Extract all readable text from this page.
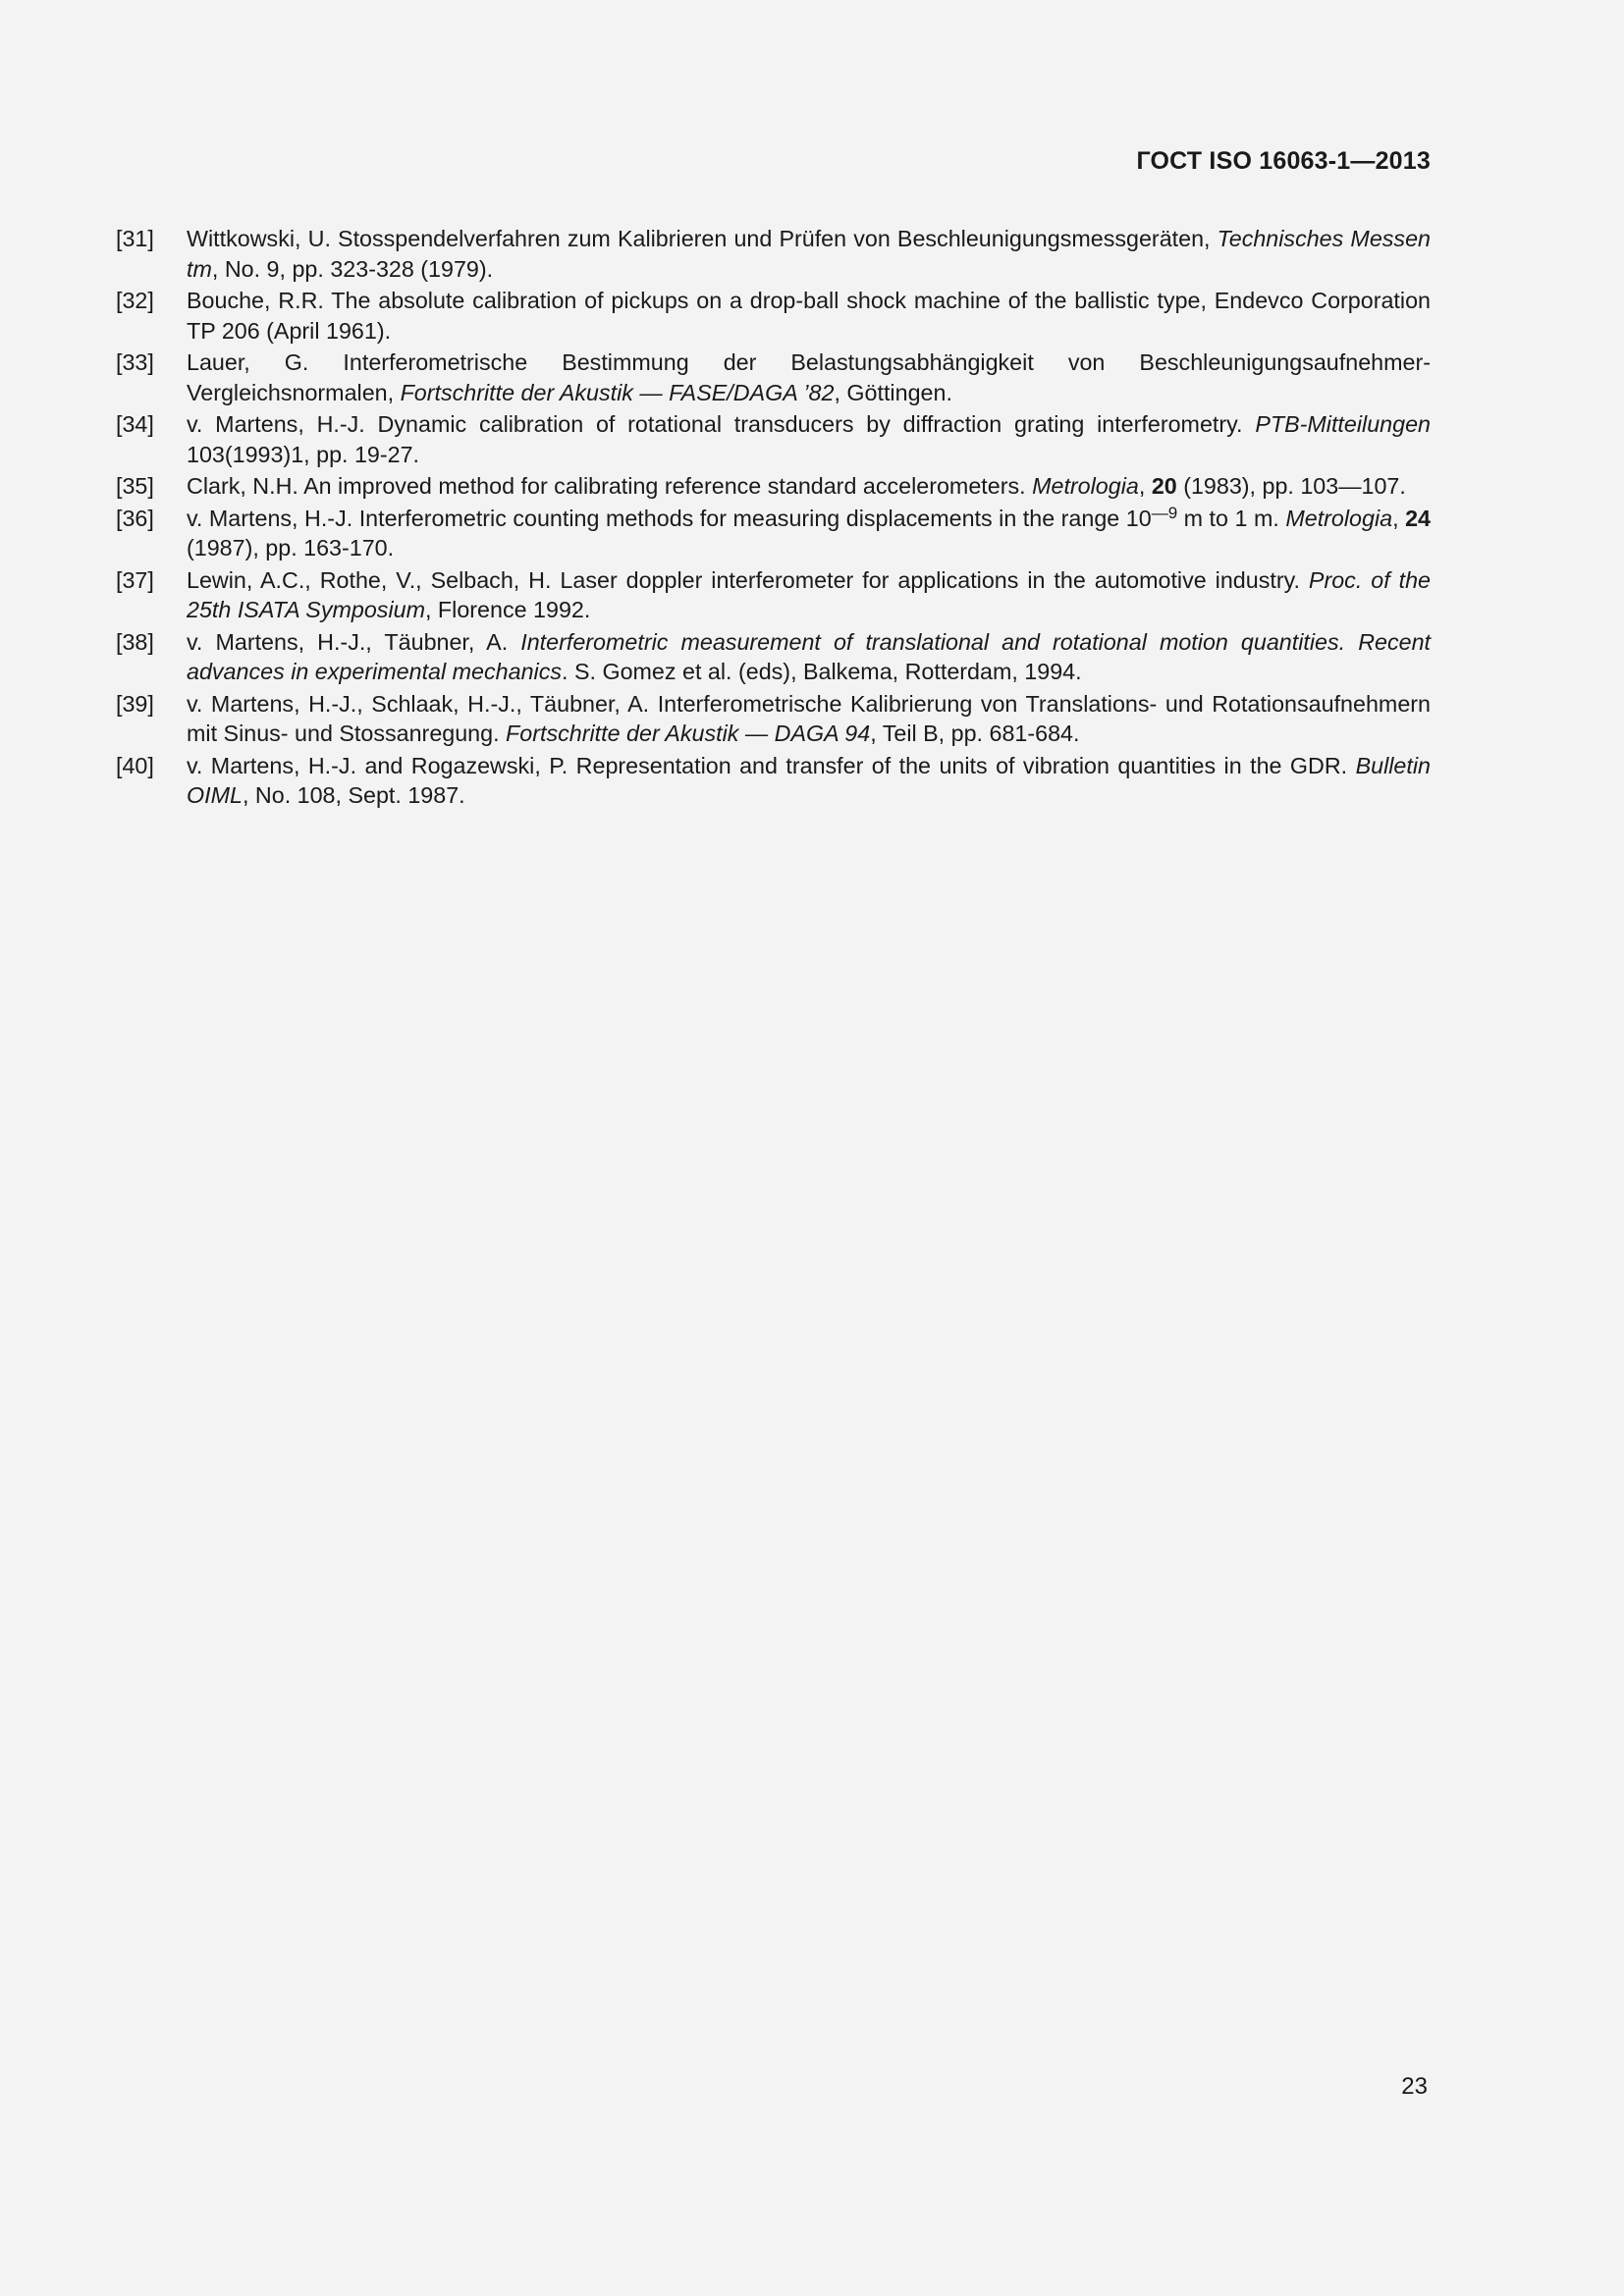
ГОСТ ISO 16063-1—2013
[31]	Wittkowski, U. Stosspendelverfahren zum Kalibrieren und Prüfen von Beschleunigungsmessgeräten, Technisches Messen tm, No. 9, pp. 323-328 (1979).
[32]	Bouche, R.R. The absolute calibration of pickups on a drop-ball shock machine of the ballistic type, Endevco Corporation TP 206 (April 1961).
[33]	Lauer, G. Interferometrische Bestimmung der Belastungsabhängigkeit von Beschleunigungsaufnehmer-Vergleichsnormalen, Fortschritte der Akustik — FASE/DAGA ’82, Göttingen.
[34]	v. Martens, H.-J. Dynamic calibration of rotational transducers by diffraction grating interferometry. PTB-Mitteilungen 103(1993)1, pp. 19-27.
[35]	Clark, N.H. An improved method for calibrating reference standard accelerometers. Metrologia, 20 (1983), pp. 103—107.
[36]	v. Martens, H.-J. Interferometric counting methods for measuring displacements in the range $10^{—9}$ m to 1 m. Metrologia, 24 (1987), pp. 163-170.
[37]	Lewin, A.C., Rothe, V., Selbach, H. Laser doppler interferometer for applications in the automotive industry. Proc. of the 25th ISATA Symposium, Florence 1992.
[38]	v. Martens, H.-J., Täubner, A. Interferometric measurement of translational and rotational motion quantities. Recent advances in experimental mechanics. S. Gomez et al. (eds), Balkema, Rotterdam, 1994.
[39]	v. Martens, H.-J., Schlaak, H.-J., Täubner, A. Interferometrische Kalibrierung von Translations- und Rotationsaufnehmern mit Sinus- und Stossanregung. Fortschritte der Akustik — DAGA 94, Teil B, pp. 681-684.
[40]	v. Martens, H.-J. and Rogazewski, P. Representation and transfer of the units of vibration quantities in the GDR. Bulletin OIML, No. 108, Sept. 1987.
23
